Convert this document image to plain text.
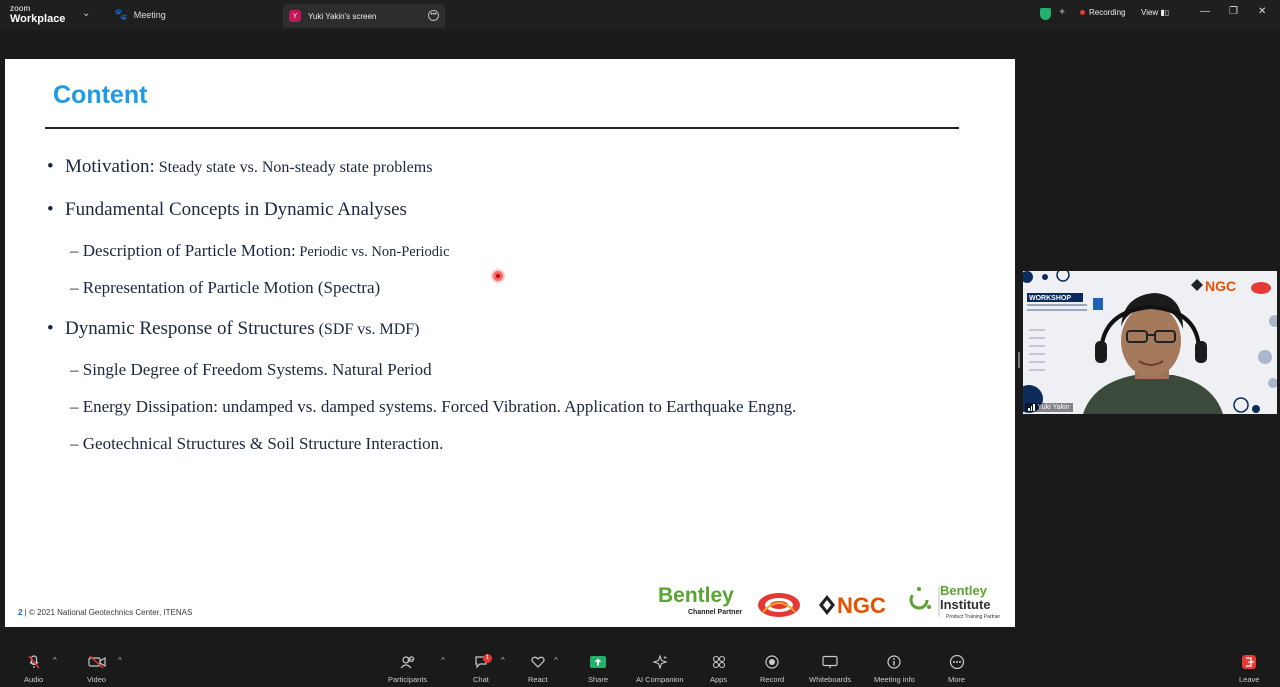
zoom
Workplace ⌄ 🐾 Meeting	Y	Yuki Yakin's screen	•••	✦	Recording View ▮▯	— ❐ ✕
Content
• Motivation: Steady state vs. Non-steady state problems
• Fundamental Concepts in Dynamic Analyses
– Description of Particle Motion: Periodic vs. Non-Periodic
– Representation of Particle Motion (Spectra)
• Dynamic Response of Structures (SDF vs. MDF)
– Single Degree of Freedom Systems. Natural Period
– Energy Dissipation: undamped vs. damped systems. Forced Vibration. Application to Earthquake Engng.
– Geotechnical Structures & Soil Structure Interaction.
2 | © 2021 National Geotechnics Center, ITENAS
Bentley
Channel Partner	NGC
Bentley
Institute
Product Training Partner
WORKSHOP
NGC
Yuki Yakin
Audio
^
Video
^	18
Participants
^	1
Chat
^
React
^
Share	AI Companion	Apps	Record	Whiteboards	Meeting info	More	Leave
